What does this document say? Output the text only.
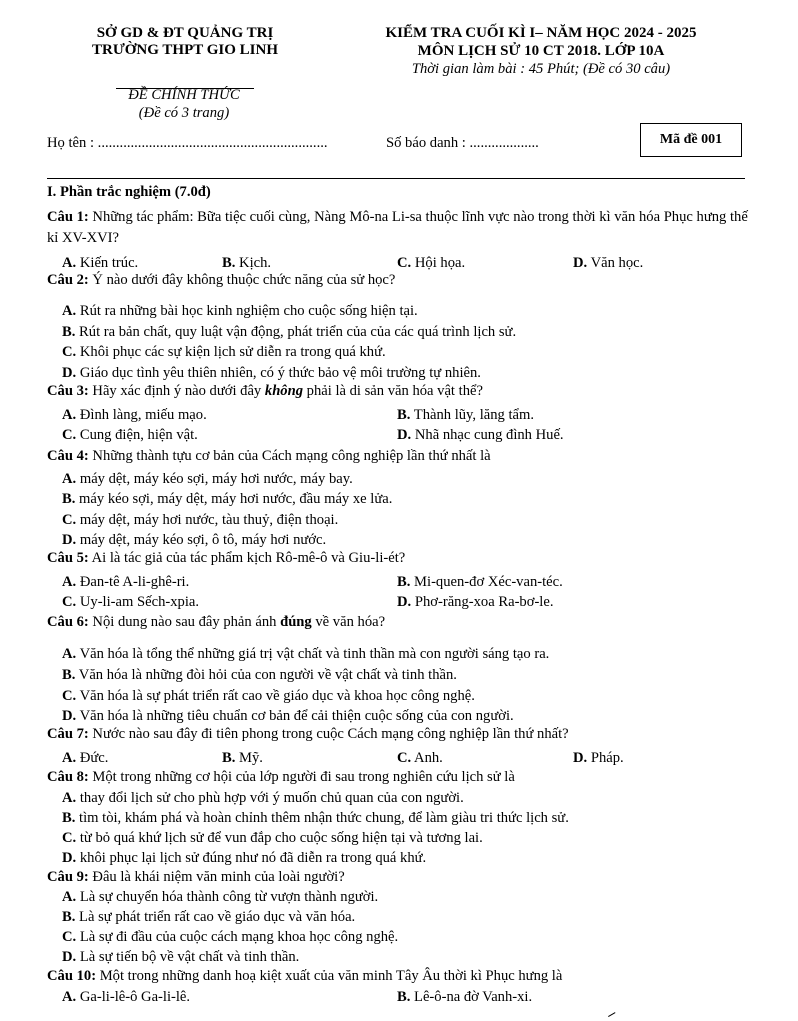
SỞ GD & ĐT QUẢNG TRỊ
TRƯỜNG THPT GIO LINH
KIỂM TRA CUỐI KÌ I– NĂM HỌC 2024 - 2025
MÔN LỊCH SỬ 10 CT 2018. LỚP 10A
Thời gian làm bài : 45 Phút; (Đề có 30 câu)
ĐỀ CHÍNH THỨC
(Đề có 3 trang)
Họ tên : ...............................................................	Số báo danh : ...................	Mã đề 001
I. Phần trắc nghiệm (7.0đ)
Câu 1: Những tác phẩm: Bữa tiệc cuối cùng, Nàng Mô-na Li-sa thuộc lĩnh vực nào trong thời kì văn hóa Phục hưng thế kỉ XV-XVI?
A. Kiến trúc.	B. Kịch.	C. Hội họa.	D. Văn học.
Câu 2: Ý nào dưới đây không thuộc chức năng của sử học?
A. Rút ra những bài học kinh nghiệm cho cuộc sống hiện tại.
B. Rút ra bản chất, quy luật vận động, phát triển của của các quá trình lịch sử.
C. Khôi phục các sự kiện lịch sử diễn ra trong quá khứ.
D. Giáo dục tình yêu thiên nhiên, có ý thức bảo vệ môi trường tự nhiên.
Câu 3: Hãy xác định ý nào dưới đây không phải là di sản văn hóa vật thể?
A. Đình làng, miếu mạo.	B. Thành lũy, lăng tẩm.
C. Cung điện, hiện vật.	D. Nhã nhạc cung đình Huế.
Câu 4: Những thành tựu cơ bản của Cách mạng công nghiệp lần thứ nhất là
A. máy dệt, máy kéo sợi, máy hơi nước, máy bay.
B. máy kéo sợi, máy dệt, máy hơi nước, đầu máy xe lửa.
C. máy dệt, máy hơi nước, tàu thuỷ, điện thoại.
D. máy dệt, máy kéo sợi, ô tô, máy hơi nước.
Câu 5: Ai là tác giả của tác phẩm kịch Rô-mê-ô và Giu-li-ét?
A. Đan-tê A-li-ghê-ri.	B. Mi-quen-đơ Xéc-van-téc.
C. Uy-li-am Sếch-xpia.	D. Phơ-răng-xoa Ra-bơ-le.
Câu 6: Nội dung nào sau đây phản ánh đúng về văn hóa?
A. Văn hóa là tổng thể những giá trị vật chất và tinh thần mà con người sáng tạo ra.
B. Văn hóa là những đòi hỏi của con người về vật chất và tinh thần.
C. Văn hóa là sự phát triển rất cao về giáo dục và khoa học công nghệ.
D. Văn hóa là những tiêu chuẩn cơ bản để cải thiện cuộc sống của con người.
Câu 7: Nước nào sau đây đi tiên phong trong cuộc Cách mạng công nghiệp lần thứ nhất?
A. Đức.	B. Mỹ.	C. Anh.	D. Pháp.
Câu 8: Một trong những cơ hội của lớp người đi sau trong nghiên cứu lịch sử là
A. thay đổi lịch sử cho phù hợp với ý muốn chủ quan của con người.
B. tìm tòi, khám phá và hoàn chỉnh thêm nhận thức chung, để làm giàu tri thức lịch sử.
C. từ bỏ quá khứ lịch sử để vun đắp cho cuộc sống hiện tại và tương lai.
D. khôi phục lại lịch sử đúng như nó đã diễn ra trong quá khứ.
Câu 9: Đâu là khái niệm văn minh của loài người?
A. Là sự chuyển hóa thành công từ vượn thành người.
B. Là sự phát triển rất cao về giáo dục và văn hóa.
C. Là sự đi đầu của cuộc cách mạng khoa học công nghệ.
D. Là sự tiến bộ về vật chất và tinh thần.
Câu 10: Một trong những danh hoạ kiệt xuất của văn minh Tây Âu thời kì Phục hưng là
A. Ga-li-lê-ô Ga-li-lê.	B. Lê-ô-na đờ Vanh-xi.
